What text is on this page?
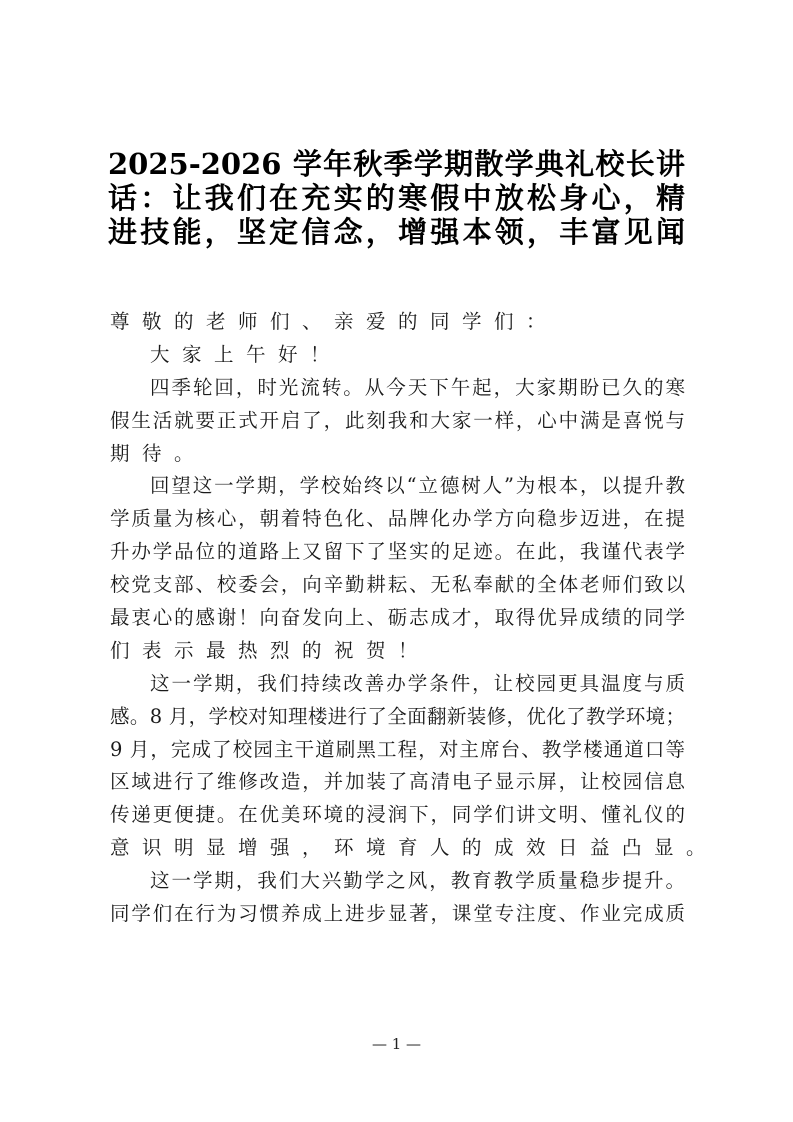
2025-2026 学年秋季学期散学典礼校长讲
话：让我们在充实的寒假中放松身心，精
进技能，坚定信念，增强本领，丰富见闻
尊敬的老师们、亲爱的同学们：
大家上午好！
四季轮回，时光流转。从今天下午起，大家期盼已久的寒
假生活就要正式开启了，此刻我和大家一样，心中满是喜悦与
期待。
回望这一学期，学校始终以“立德树人”为根本，以提升教
学质量为核心，朝着特色化、品牌化办学方向稳步迈进，在提
升办学品位的道路上又留下了坚实的足迹。在此，我谨代表学
校党支部、校委会，向辛勤耕耘、无私奉献的全体老师们致以
最衷心的感谢！向奋发向上、砺志成才，取得优异成绩的同学
们表示最热烈的祝贺！
这一学期，我们持续改善办学条件，让校园更具温度与质
感。8 月，学校对知理楼进行了全面翻新装修，优化了教学环境；
9 月，完成了校园主干道刷黑工程，对主席台、教学楼通道口等
区域进行了维修改造，并加装了高清电子显示屏，让校园信息
传递更便捷。在优美环境的浸润下，同学们讲文明、懂礼仪的
意识明显增强，环境育人的成效日益凸显。
这一学期，我们大兴勤学之风，教育教学质量稳步提升。
同学们在行为习惯养成上进步显著，课堂专注度、作业完成质
— 1 —
